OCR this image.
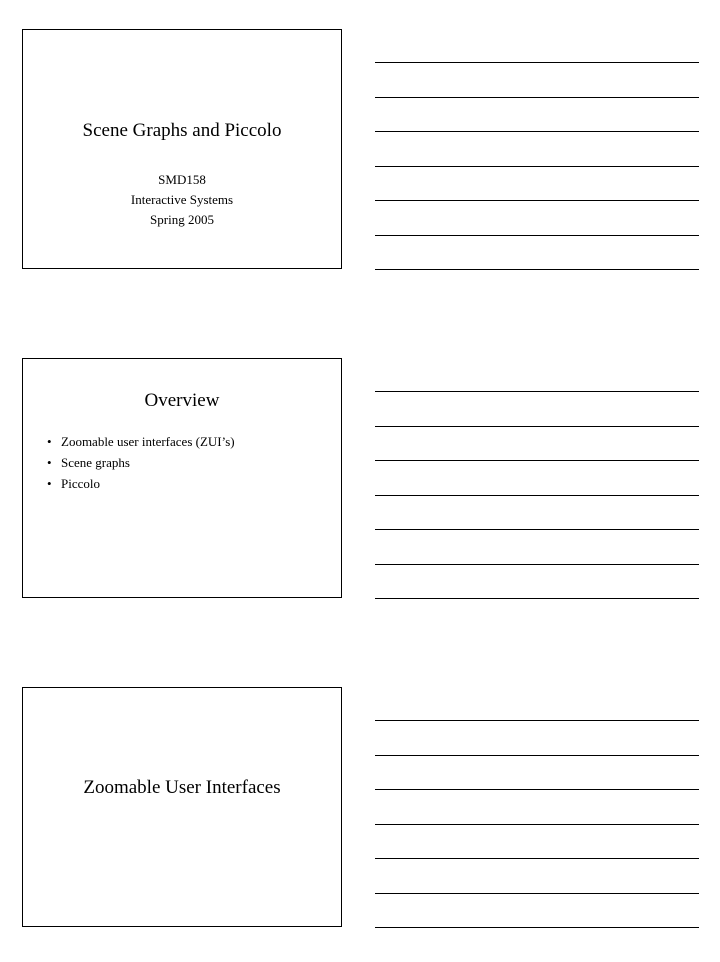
Scene Graphs and Piccolo
SMD158
Interactive Systems
Spring 2005
Overview
• Zoomable user interfaces (ZUI’s)
• Scene graphs
• Piccolo
Zoomable User Interfaces
